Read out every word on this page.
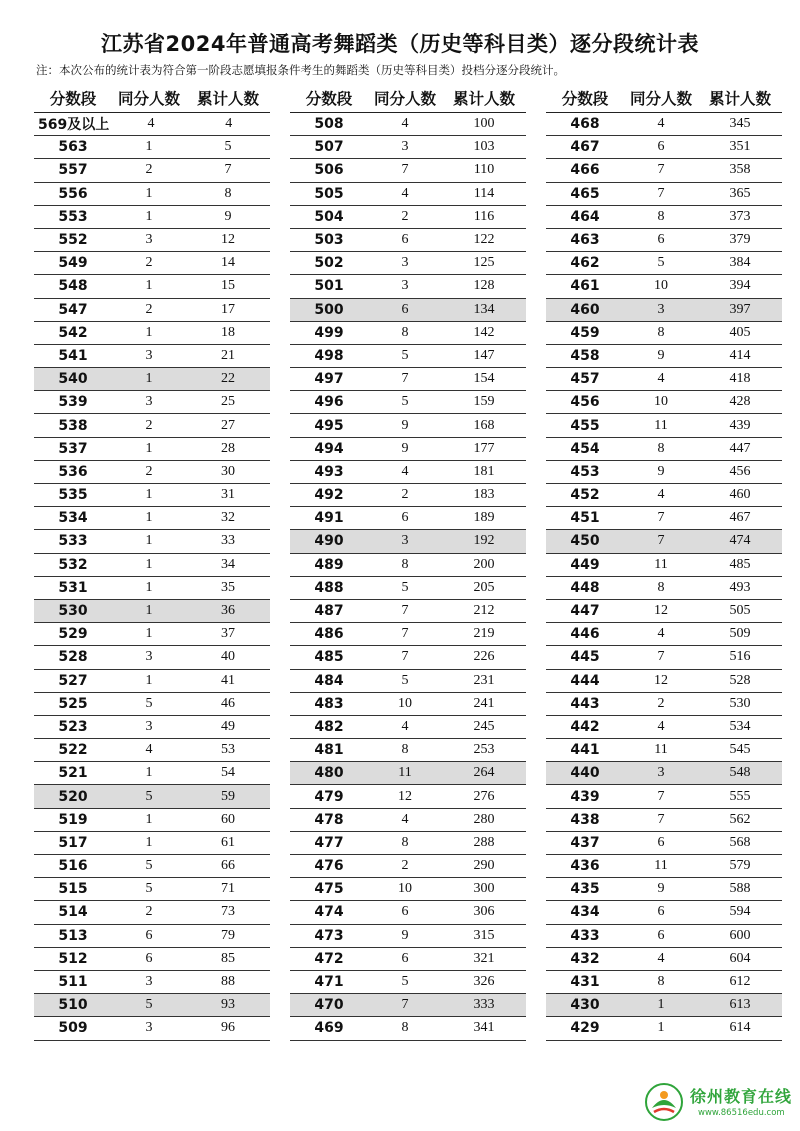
江苏省2024年普通高考舞蹈类（历史等科目类）逐分段统计表
注：本次公布的统计表为符合第一阶段志愿填报条件考生的舞蹈类（历史等科目类）投档分逐分段统计。
分数段	同分人数	累计人数
569及以上	4	4
563	1	5
557	2	7
556	1	8
553	1	9
552	3	12
549	2	14
548	1	15
547	2	17
542	1	18
541	3	21
540	1	22
539	3	25
538	2	27
537	1	28
536	2	30
535	1	31
534	1	32
533	1	33
532	1	34
531	1	35
530	1	36
529	1	37
528	3	40
527	1	41
525	5	46
523	3	49
522	4	53
521	1	54
520	5	59
519	1	60
517	1	61
516	5	66
515	5	71
514	2	73
513	6	79
512	6	85
511	3	88
510	5	93
509	3	96
分数段	同分人数	累计人数
508	4	100
507	3	103
506	7	110
505	4	114
504	2	116
503	6	122
502	3	125
501	3	128
500	6	134
499	8	142
498	5	147
497	7	154
496	5	159
495	9	168
494	9	177
493	4	181
492	2	183
491	6	189
490	3	192
489	8	200
488	5	205
487	7	212
486	7	219
485	7	226
484	5	231
483	10	241
482	4	245
481	8	253
480	11	264
479	12	276
478	4	280
477	8	288
476	2	290
475	10	300
474	6	306
473	9	315
472	6	321
471	5	326
470	7	333
469	8	341
分数段	同分人数	累计人数
468	4	345
467	6	351
466	7	358
465	7	365
464	8	373
463	6	379
462	5	384
461	10	394
460	3	397
459	8	405
458	9	414
457	4	418
456	10	428
455	11	439
454	8	447
453	9	456
452	4	460
451	7	467
450	7	474
449	11	485
448	8	493
447	12	505
446	4	509
445	7	516
444	12	528
443	2	530
442	4	534
441	11	545
440	3	548
439	7	555
438	7	562
437	6	568
436	11	579
435	9	588
434	6	594
433	6	600
432	4	604
431	8	612
430	1	613
429	1	614
徐州教育在线
www.86516edu.com
